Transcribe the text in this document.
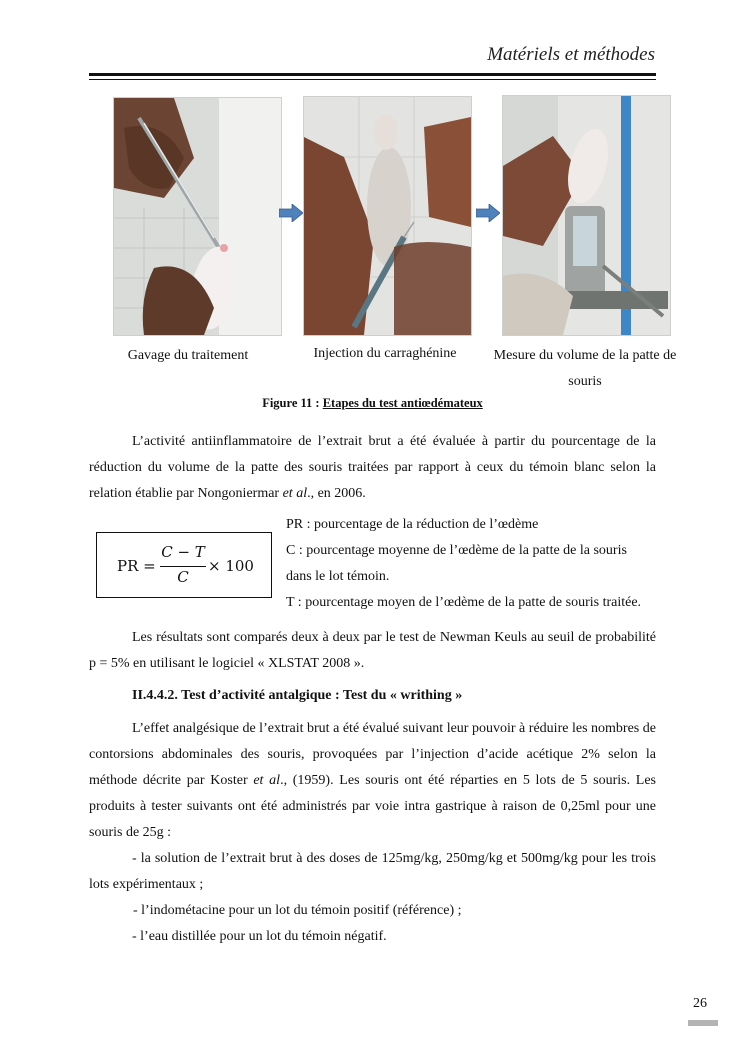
Matériels et méthodes
Gavage du traitement	Injection du carraghénine	Mesure du volume de la patte de
souris
Figure 11 : Etapes du test antiœdémateux

L’activité antiinflammatoire de l’extrait brut a été évaluée à partir du pourcentage de la réduction du volume de la patte des souris traitées par rapport à ceux du témoin blanc selon la relation établie par Nongoniermar et al., en 2006.

PR =
C − T
C
× 100
PR : pourcentage de la réduction de l’œdème
C : pourcentage moyenne de l’œdème de la patte de la souris
dans le lot témoin.
T : pourcentage moyen de l’œdème de la patte de souris traitée.

Les résultats sont comparés deux à deux par le test de Newman Keuls au seuil de probabilité p = 5% en utilisant le logiciel « XLSTAT 2008 ».

II.4.4.2. Test d’activité antalgique : Test du « writhing »

L’effet analgésique de l’extrait brut a été évalué suivant leur pouvoir à réduire les nombres de contorsions abdominales des souris, provoquées par l’injection d’acide acétique 2% selon la méthode décrite par Koster et al., (1959). Les souris ont été réparties en 5 lots de 5 souris. Les produits à tester suivants ont été administrés par voie intra gastrique à raison de 0,25ml pour une souris de 25g :

- la solution de l’extrait brut à des doses de 125mg/kg, 250mg/kg et 500mg/kg pour les trois lots expérimentaux ;

- l’indométacine pour un lot du témoin positif (référence) ;
- l’eau distillée pour un lot du témoin négatif.
26
